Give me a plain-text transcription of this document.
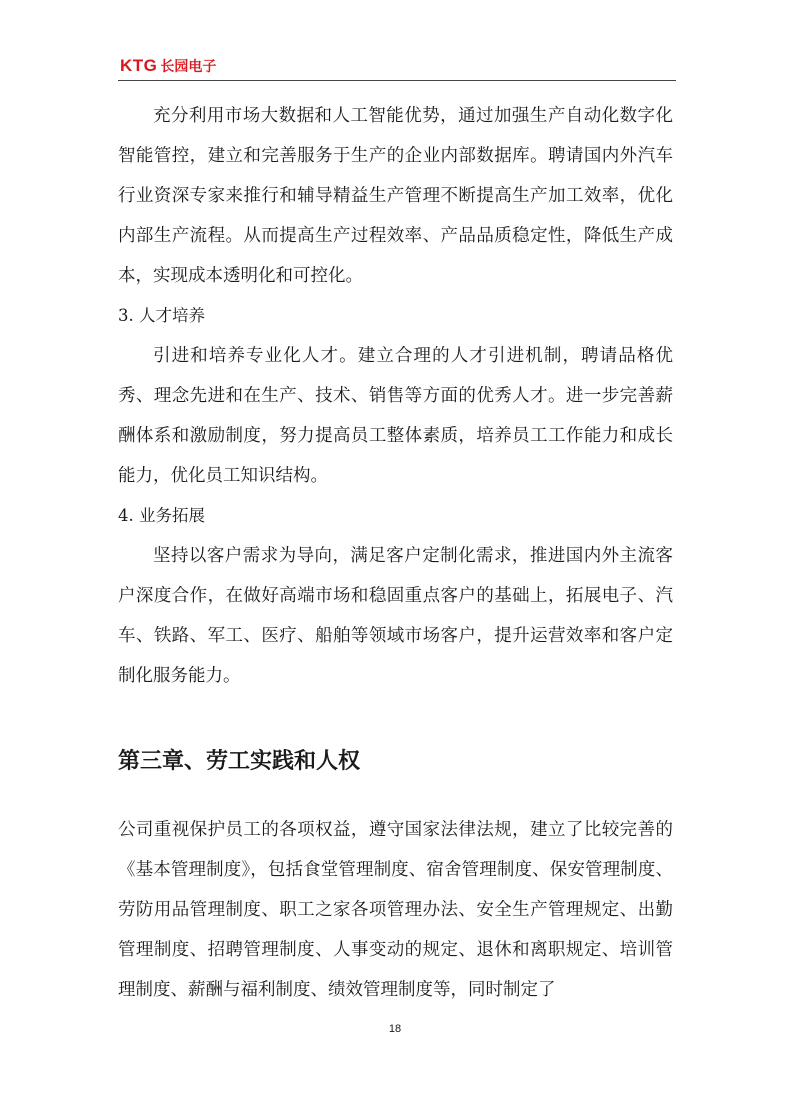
KTG 长园电子

充分利用市场大数据和人工智能优势，通过加强生产自动化数字化智能管控，建立和完善服务于生产的企业内部数据库。聘请国内外汽车行业资深专家来推行和辅导精益生产管理不断提高生产加工效率，优化内部生产流程。从而提高生产过程效率、产品品质稳定性，降低生产成本，实现成本透明化和可控化。

3. 人才培养

引进和培养专业化人才。建立合理的人才引进机制，聘请品格优秀、理念先进和在生产、技术、销售等方面的优秀人才。进一步完善薪酬体系和激励制度，努力提高员工整体素质，培养员工工作能力和成长能力，优化员工知识结构。

4. 业务拓展

坚持以客户需求为导向，满足客户定制化需求，推进国内外主流客户深度合作，在做好高端市场和稳固重点客户的基础上，拓展电子、汽车、铁路、军工、医疗、船舶等领域市场客户，提升运营效率和客户定制化服务能力。

第三章、劳工实践和人权

公司重视保护员工的各项权益，遵守国家法律法规，建立了比较完善的《基本管理制度》，包括食堂管理制度、宿舍管理制度、保安管理制度、劳防用品管理制度、职工之家各项管理办法、安全生产管理规定、出勤管理制度、招聘管理制度、人事变动的规定、退休和离职规定、培训管理制度、薪酬与福利制度、绩效管理制度等，同时制定了

18
